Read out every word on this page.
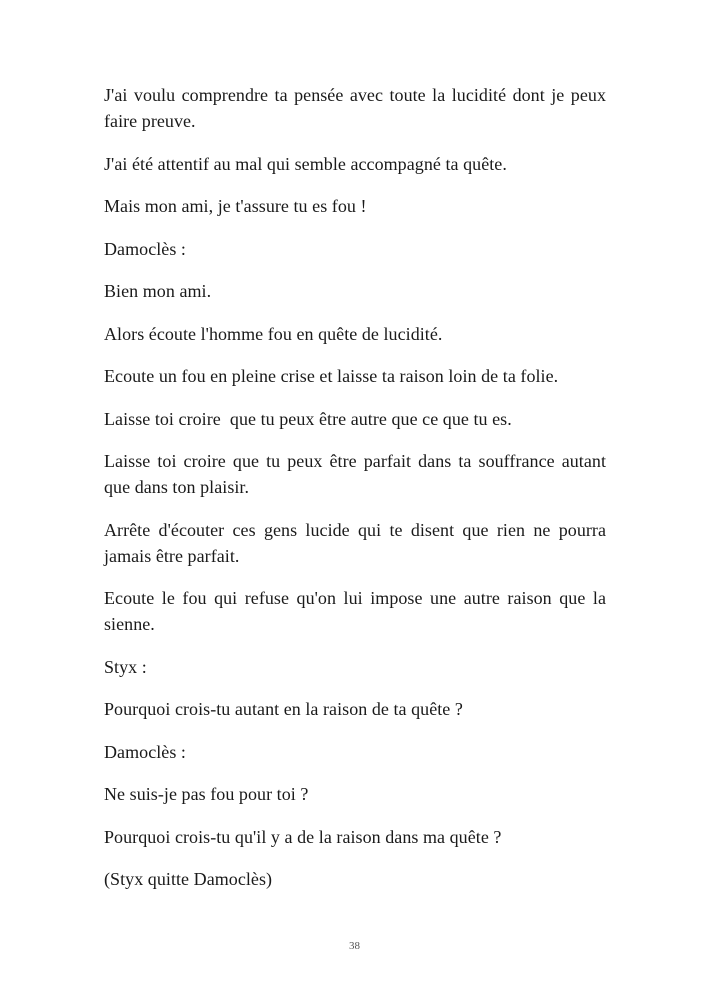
J'ai voulu comprendre ta pensée avec toute la lucidité dont je peux faire preuve.

J'ai été attentif au mal qui semble accompagné ta quête.

Mais mon ami, je t'assure tu es fou !

Damoclès :

Bien mon ami.

Alors écoute l'homme fou en quête de lucidité.

Ecoute un fou en pleine crise et laisse ta raison loin de ta folie.

Laisse toi croire  que tu peux être autre que ce que tu es.

Laisse toi croire que tu peux être parfait dans ta souffrance autant que dans ton plaisir.

Arrête d'écouter ces gens lucide qui te disent que rien ne pourra jamais être parfait.

Ecoute le fou qui refuse qu'on lui impose une autre raison que la sienne.

Styx :

Pourquoi crois-tu autant en la raison de ta quête ?

Damoclès :

Ne suis-je pas fou pour toi ?

Pourquoi crois-tu qu'il y a de la raison dans ma quête ?

(Styx quitte Damoclès)

38
